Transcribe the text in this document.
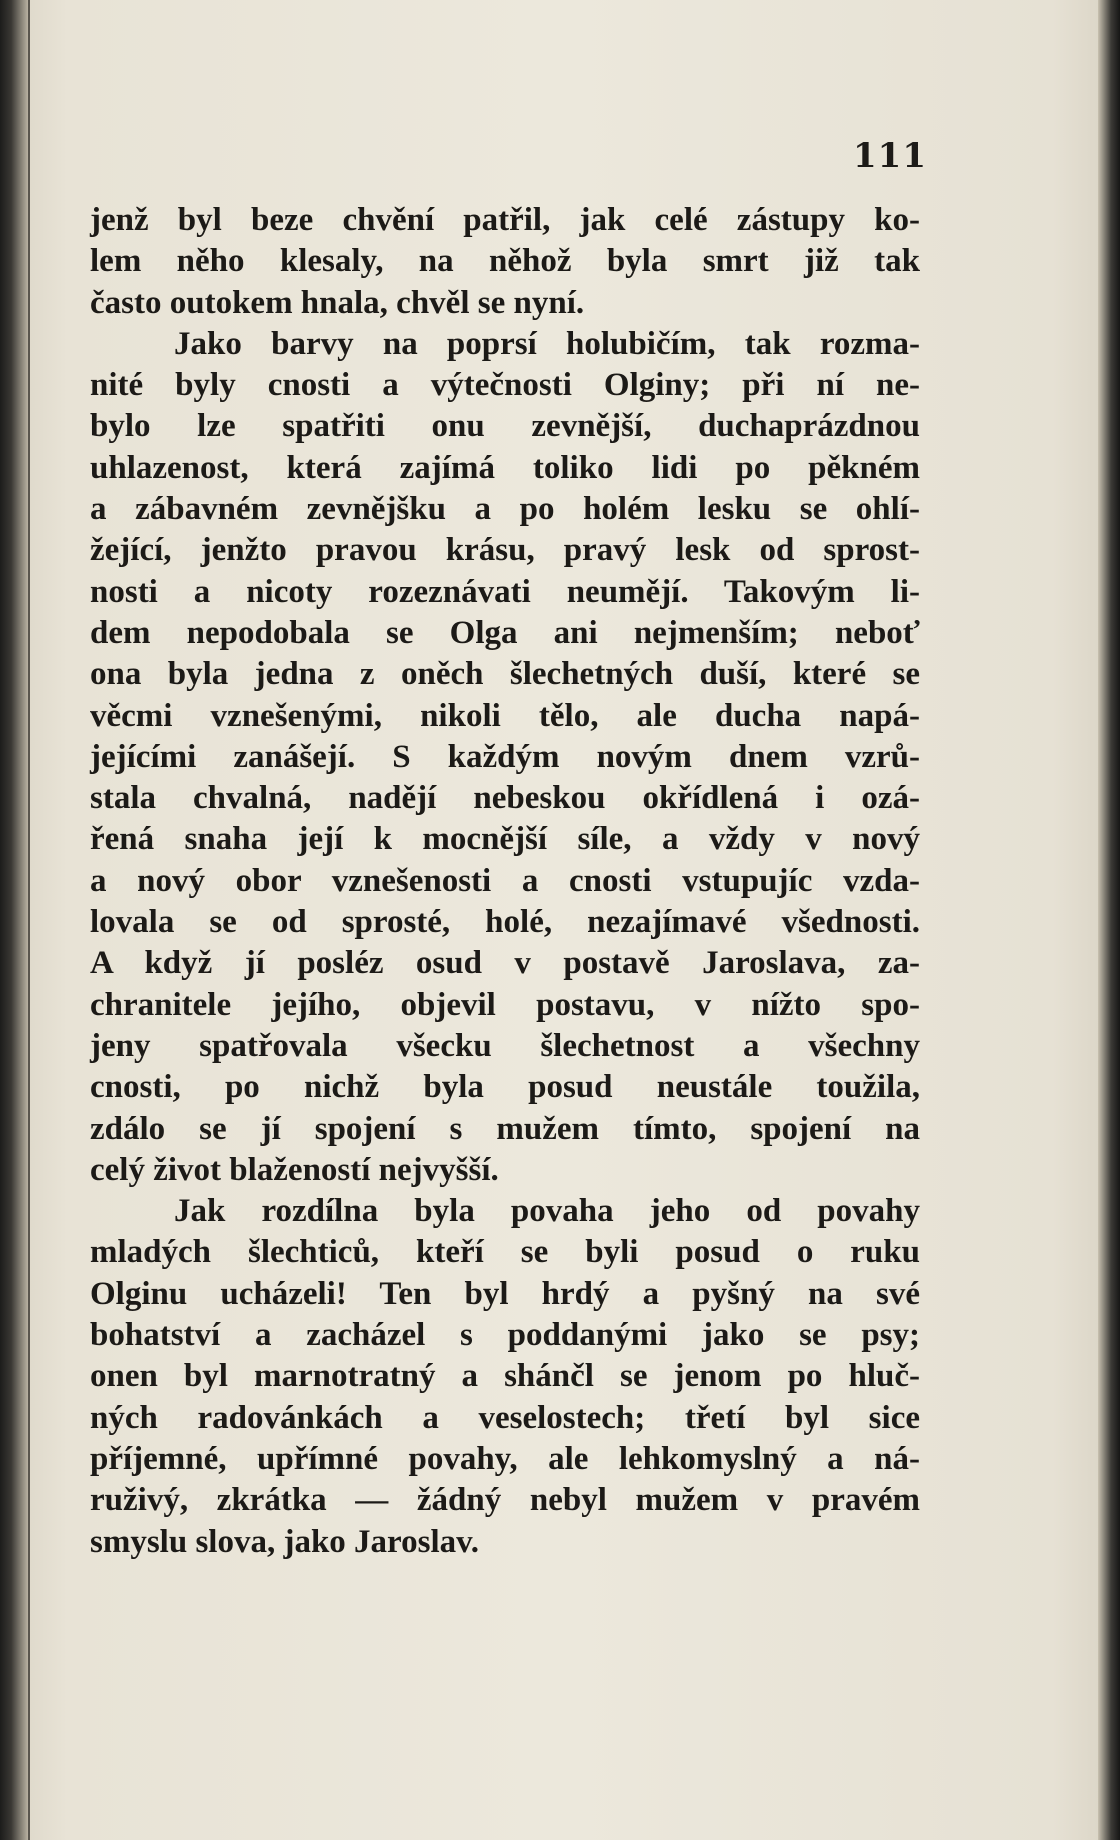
111
jenž byl beze chvění patřil, jak celé zástupy ko-
lem něho klesaly, na něhož byla smrt již tak
často outokem hnala, chvěl se nyní.
Jako barvy na poprsí holubičím, tak rozma-
nité byly cnosti a výtečnosti Olginy; při ní ne-
bylo lze spatřiti onu zevnější, duchaprázdnou
uhlazenost, která zajímá toliko lidi po pěkném
a zábavném zevnějšku a po holém lesku se ohlí-
žející, jenžto pravou krásu, pravý lesk od sprost-
nosti a nicoty rozeznávati neumějí. Takovým li-
dem nepodobala se Olga ani nejmenším; neboť
ona byla jedna z oněch šlechetných duší, které se
věcmi vznešenými, nikoli tělo, ale ducha napá-
jejícími zanášejí. S každým novým dnem vzrů-
stala chvalná, nadějí nebeskou okřídlená i ozá-
řená snaha její k mocnější síle, a vždy v nový
a nový obor vznešenosti a cnosti vstupujíc vzda-
lovala se od sprosté, holé, nezajímavé všednosti.
A když jí posléz osud v postavě Jaroslava, za-
chranitele jejího, objevil postavu, v nížto spo-
jeny spatřovala všecku šlechetnost a všechny
cnosti, po nichž byla posud neustále toužila,
zdálo se jí spojení s mužem tímto, spojení na
celý život blažeností nejvyšší.
Jak rozdílna byla povaha jeho od povahy
mladých šlechticů, kteří se byli posud o ruku
Olginu ucházeli! Ten byl hrdý a pyšný na své
bohatství a zacházel s poddanými jako se psy;
onen byl marnotratný a shánčl se jenom po hluč-
ných radovánkách a veselostech; třetí byl sice
příjemné, upřímné povahy, ale lehkomyslný a ná-
ruživý, zkrátka — žádný nebyl mužem v pravém
smyslu slova, jako Jaroslav.
